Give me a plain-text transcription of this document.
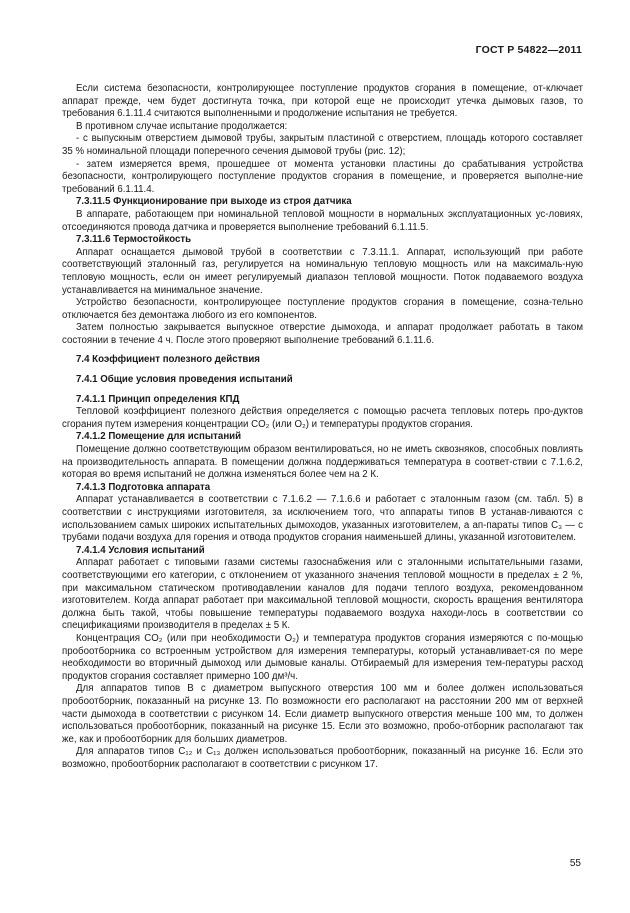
ГОСТ Р 54822—2011

Если система безопасности, контролирующее поступление продуктов сгорания в помещение, от-ключает аппарат прежде, чем будет достигнута точка, при которой еще не происходит утечка дымовых газов, то требования 6.1.11.4 считаются выполненными и продолжение испытания не требуется.

В противном случае испытание продолжается:

- с выпускным отверстием дымовой трубы, закрытым пластиной с отверстием, площадь которого составляет 35 % номинальной площади поперечного сечения дымовой трубы (рис. 12);

- затем измеряется время, прошедшее от момента установки пластины до срабатывания устройства безопасности, контролирующего поступление продуктов сгорания в помещение, и проверяется выполне-ние требований 6.1.11.4.

7.3.11.5 Функционирование при выходе из строя датчика

В аппарате, работающем при номинальной тепловой мощности в нормальных эксплуатационных ус-ловиях, отсоединяются провода датчика и проверяется выполнение требований 6.1.11.5.

7.3.11.6 Термостойкость

Аппарат оснащается дымовой трубой в соответствии с 7.3.11.1. Аппарат, использующий при работе соответствующий эталонный газ, регулируется на номинальную тепловую мощность или на максималь-ную тепловую мощность, если он имеет регулируемый диапазон тепловой мощности. Поток подаваемого воздуха устанавливается на минимальное значение.

Устройство безопасности, контролирующее поступление продуктов сгорания в помещение, созна-тельно отключается без демонтажа любого из его компонентов.

Затем полностью закрывается выпускное отверстие дымохода, и аппарат продолжает работать в таком состоянии в течение 4 ч. После этого проверяют выполнение требований 6.1.11.6.

7.4 Коэффициент полезного действия

7.4.1 Общие условия проведения испытаний

7.4.1.1 Принцип определения КПД

Тепловой коэффициент полезного действия определяется с помощью расчета тепловых потерь про-дуктов сгорания путем измерения концентрации CO₂ (или O₂) и температуры продуктов сгорания.

7.4.1.2 Помещение для испытаний

Помещение должно соответствующим образом вентилироваться, но не иметь сквозняков, способных повлиять на производительность аппарата. В помещении должна поддерживаться температура в соответ-ствии с 7.1.6.2, которая во время испытаний не должна изменяться более чем на 2 К.

7.4.1.3 Подготовка аппарата

Аппарат устанавливается в соответствии с 7.1.6.2 — 7.1.6.6 и работает с эталонным газом (см. табл. 5) в соответствии с инструкциями изготовителя, за исключением того, что аппараты типов B устанав-ливаются с использованием самых широких испытательных дымоходов, указанных изготовителем, а ап-параты типов C₃ — с трубами подачи воздуха для горения и отвода продуктов сгорания наименьшей длины, указанной изготовителем.

7.4.1.4 Условия испытаний

Аппарат работает с типовыми газами системы газоснабжения или с эталонными испытательными газами, соответствующими его категории, с отклонением от указанного значения тепловой мощности в пределах ± 2 %, при максимальном статическом противодавлении каналов для подачи теплого воздуха, рекомендованном изготовителем. Когда аппарат работает при максимальной тепловой мощности, скорость вращения вентилятора должна быть такой, чтобы повышение температуры подаваемого воздуха находи-лось в соответствии со спецификациями производителя в пределах ± 5 К.

Концентрация CO₂ (или при необходимости O₂) и температура продуктов сгорания измеряются с по-мощью пробоотборника со встроенным устройством для измерения температуры, который устанавливает-ся по мере необходимости во вторичный дымоход или дымовые каналы. Отбираемый для измерения тем-пературы расход продуктов сгорания составляет примерно 100 дм³/ч.

Для аппаратов типов B с диаметром выпускного отверстия 100 мм и более должен использоваться пробоотборник, показанный на рисунке 13. По возможности его располагают на расстоянии 200 мм от верхней части дымохода в соответствии с рисунком 14. Если диаметр выпускного отверстия меньше 100 мм, то должен использоваться пробоотборник, показанный на рисунке 15. Если это возможно, пробо-отборник располагают так же, как и пробоотборник для больших диаметров.

Для аппаратов типов C₁₂ и C₁₃ должен использоваться пробоотборник, показанный на рисунке 16. Если это возможно, пробоотборник располагают в соответствии с рисунком 17.

55
